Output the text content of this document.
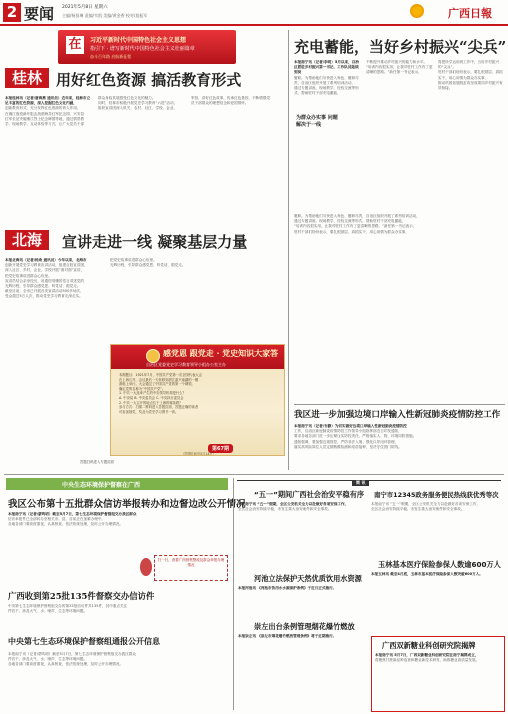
2 要闻 2021年5月8日 星期六
主编/杨贤琳 责编/韦凯 美编/黄金香 校对/莫振军	广西日報
在	习近平新时代中国特色社会主义思想
指引下 · 谱写新时代中国特色社会主义壮丽篇章
奋斗百年路 启航新征程
桂林 用好红色资源 搞活教育形式
本报桂林讯（记者/唐海燕 通讯员）近年来，桂林市立足丰富的红色资源，深入挖掘红色文化内涵，
创新教育形式，充分发挥红色资源的育人作用。
在湘江战役新圩阻击战酒海井红军纪念园、兴安县
红军长征突破湘江烈士纪念碑园等地，通过情景教
学、现场教学、互动体验等方式，让广大党员干部
群众身临其境感受红色文化的魅力。
同时，桂林市积极开展党史学习教育“六进”活动，
组织宣讲团深入机关、农村、社区、学校、企业、
军营，讲好红色故事，传承红色基因，不断增强党
员干部群众的理想信念和爱国情怀。
北海	宣讲走进一线 凝聚基层力量
本报北海讯（记者/杨欢 通讯员）今年以来，北海市
创新开展党史学习教育宣讲活动，组建百姓宣讲团，
深入社区、乡村、企业、学校开展“面对面”宣讲，
把党史故事讲进群众心坎里。
宣讲员结合亲身经历，用通俗易懂的语言讲述党的
光辉历程，引导群众感党恩、听党话、跟党走。
截至目前，全市已开展各类宣讲活动500多场次，
受众超过5万人次，推动党史学习教育走深走实。
把党史故事讲进群众心坎里。
光辉历程，引导群众感党恩、听党话、跟党走。
感党恩 跟党走 · 党史知识大家答
自治区党委党史学习教育领导小组办公室主办
本期题目：1921年7月，中国共产党第一次全国代表大会
在上海召开，会议最后一天转移到浙江嘉兴南湖的一艘
游船上举行。大会通过了中国共产党的第一个纲领，
确定党的名称为“中国共产党”。
1. 中共一大选举产生的中央领导机构是什么？
A. 中央局 B. 中央委员会 C. 中央执行委员会
2. 中共一大召开的地点位于上海的哪条路？
参与方式：扫描二维码进入答题页面，答题正确的读者
可参加抽奖，奖品为党史学习图书一套。
第67期
（答题时间至5月14日）
答题扫码进入专题页面
充电蓄能，当好乡村振兴“尖兵”
本报南宁讯（记者/李明）5月以来，自治区派驻乡村振兴第一书记、工作队员陆续到岗
履职。为帮助他们尽快进入角色、履职尽责，自治区组织开展了系列培训活动，
通过专题讲座、现场教学、经验交流等形式，帮助驻村干部充电蓄能，
为群众办实事 问题
解决于一线
不断提升推动乡村振兴的能力和水平。
“培训内容很实用，让我对驻村工作有了更清晰的思路。”新任第一书记表示，
将把所学运用到工作中，当好乡村振兴的“尖兵”。
驻村干部们纷纷表示，要扎根基层、真抓实干，用心用情为群众办实事，
推动巩固拓展脱贫攻坚成果同乡村振兴有效衔接。
履职。为帮助他们尽快进入角色、履职尽责，自治区组织开展了系列培训活动，
通过专题讲座、现场教学、经验交流等形式，帮助驻村干部充电蓄能，
“培训内容很实用，让我对驻村工作有了更清晰的思路。”新任第一书记表示，
驻村干部们纷纷表示，要扎根基层、真抓实干，用心用情为群众办实事，
我区进一步加强边境口岸输入性新冠肺炎疫情防控工作
本报南宁讯（记者/韦静）为切实做好边境口岸输入性新冠肺炎疫情防控
工作，自治区新冠肺炎疫情防控工作领导小组指挥部近日印发通知，
要求各地各部门进一步压紧压实防控责任，严格落实人、物、环境同防措施。
通知强调，要加强边境管控，严防非法入境；强化口岸闭环管理，
落实高风险岗位人员定期核酸检测和疫苗接种，坚决守住国门防线。
中央生态环境保护督察在广西
我区公布第十五批群众信访举报转办和边督边改公开情况
本报南宁讯（记者/蒙鸣明）截至5月7日，第七生态环境保护督察组交办我区群众
信访举报件已全部转办至相关市、县，目前正在加紧办理中。
各地各部门要高度重视，认真核查，依法依规处理，及时公开办理情况。
扫一扫，查看广西督察整改及群众举报办理情况
广西收到第25批135件督察交办信访件
中央第七生态环境保护督察组交办的第25批信访件共135件，其中重点关注
件若干，涉及大气、水、噪声、生态等环境问题。
中央第七生态环境保护督察组通报公开信息
本报南宁讯（记者/蒙鸣明）截至5月7日，第七生态环境保护督察组交办我区群众
件若干，涉及大气、水、噪声、生态等环境问题。
各地各部门要高度重视，认真核查，依法依规处理，及时公开办理情况。
简 讯
“五一”期间广西社会治安平稳有序
本报南宁讯 “五一”假期，全区公安机关全力以赴做好各项安保工作，
全区社会治安持续平稳，未发生重大治安案件和安全事故。
南宁市12345政务服务便民热线获优秀等次
本报南宁讯 “五一”假期，全区公安机关全力以赴做好各项安保工作，
全区社会治安持续平稳，未发生重大治安案件和安全事故。
河池立法保护天然优质饮用水资源
本报河池讯 《河池市饮用水水源保护条例》于近日正式施行。
玉林基本医疗保险参保人数逾600万人
本报玉林讯 截至4月底，玉林市基本医疗保险参保人数突破600万人。
崇左出台条例管理烟花爆竹燃放
本报崇左讯 《崇左市烟花爆竹燃放管理条例》将于近期施行。
广西双新糖业科创研究院揭牌
本报南宁讯 5月7日，广西双新糖业科创研究院在南宁揭牌成立，
将聚焦甘蔗新品种选育和糖业新技术研发，助推糖业高质量发展。
